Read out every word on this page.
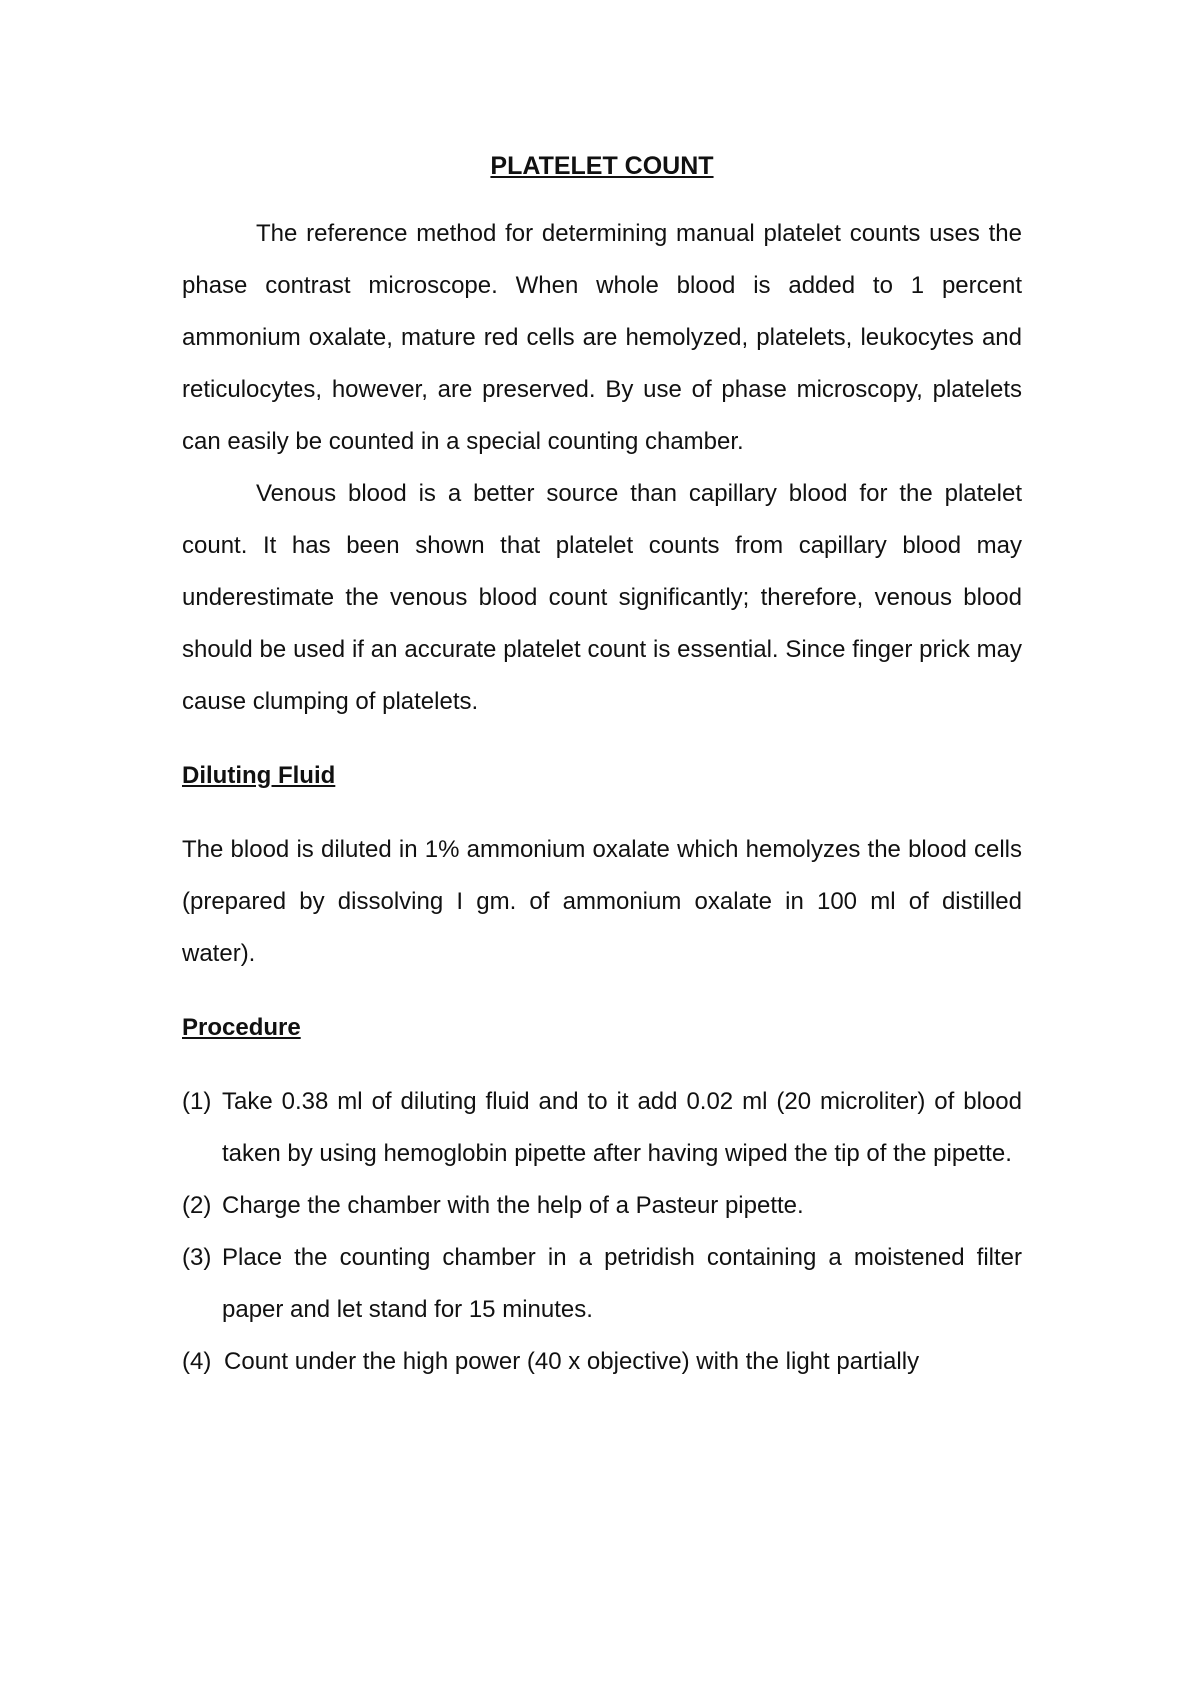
PLATELET COUNT

The reference method for determining manual platelet counts uses the phase contrast microscope. When whole blood is added to 1 percent ammonium oxalate, mature red cells are hemolyzed, platelets, leukocytes and reticulocytes, however, are preserved. By use of phase microscopy, platelets can easily be counted in a special counting chamber.

Venous blood is a better source than capillary blood for the platelet count. It has been shown that platelet counts from capillary blood may underestimate the venous blood count significantly; therefore, venous blood should be used if an accurate platelet count is essential. Since finger prick may cause clumping of platelets.

Diluting Fluid

The blood is diluted in 1% ammonium oxalate which hemolyzes the blood cells (prepared by dissolving I gm. of ammonium oxalate in 100 ml of distilled water).

Procedure
(1) Take 0.38 ml of diluting fluid and to it add 0.02 ml (20 microliter) of blood taken by using hemoglobin pipette after having wiped the tip of the pipette.
(2) Charge the chamber with the help of a Pasteur pipette.
(3) Place the counting chamber in a petridish containing a moistened filter paper and let stand for 15 minutes.
(4) Count under the high power (40 x objective) with the light partially
